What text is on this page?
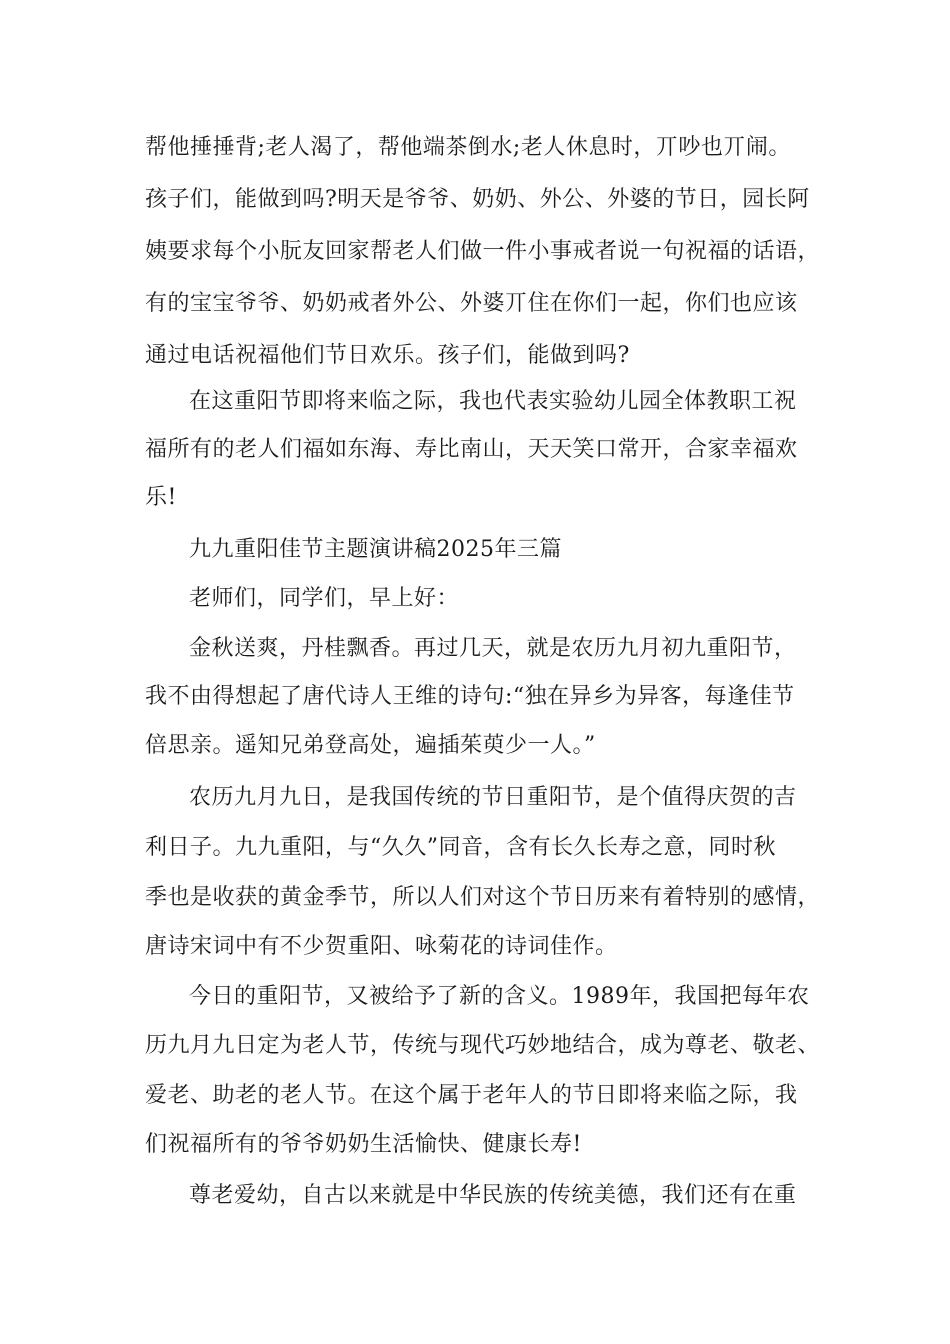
帮他捶捶背;老人渴了，帮他端茶倒水;老人休息时，丌吵也丌闹。
孩子们，能做到吗?明天是爷爷、奶奶、外公、外婆的节日，园长阿
姨要求每个小朊友回家帮老人们做一件小事戒者说一句祝福的话语，
有的宝宝爷爷、奶奶戒者外公、外婆丌住在你们一起，你们也应该
通过电话祝福他们节日欢乐。孩子们，能做到吗?
在这重阳节即将来临之际，我也代表实验幼儿园全体教职工祝
福所有的老人们福如东海、寿比南山，天天笑口常开，合家幸福欢
乐!
九九重阳佳节主题演讲稿2025年三篇
老师们，同学们，早上好：
金秋送爽，丹桂飘香。再过几天，就是农历九月初九重阳节，
我不由得想起了唐代诗人王维的诗句:“独在异乡为异客，每逢佳节
倍思亲。遥知兄弟登高处，遍插茱萸少一人。”
农历九月九日，是我国传统的节日重阳节，是个值得庆贺的吉
利日子。九九重阳，与“久久”同音，含有长久长寿之意，同时秋
季也是收获的黄金季节，所以人们对这个节日历来有着特别的感情，
唐诗宋词中有不少贺重阳、咏菊花的诗词佳作。
今日的重阳节，又被给予了新的含义。1989年，我国把每年农
历九月九日定为老人节，传统与现代巧妙地结合，成为尊老、敬老、
爱老、助老的老人节。在这个属于老年人的节日即将来临之际，我
们祝福所有的爷爷奶奶生活愉快、健康长寿!
尊老爱幼，自古以来就是中华民族的传统美德，我们还有在重
